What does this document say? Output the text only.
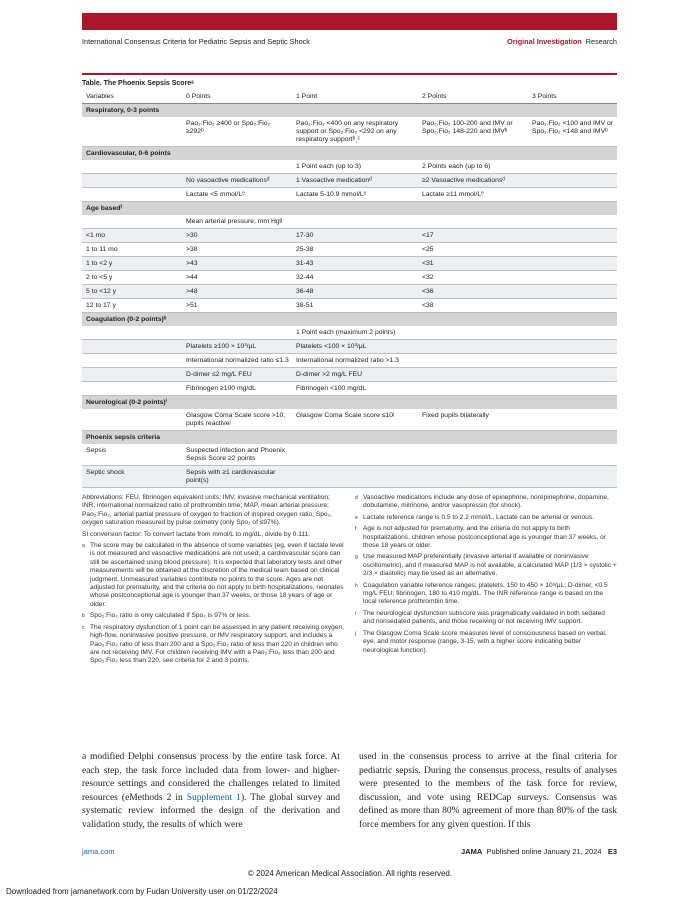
International Consensus Criteria for Pediatric Sepsis and Septic Shock	Original Investigation Research
Table. The Phoenix Sepsis Scoreᵃ
Variables	0 Points	1 Point	2 Points	3 Points
Respiratory, 0-3 points				
	Pao₂:Fio₂ ≥400 or Spo₂:Fio₂ ≥292ᵇ	Pao₂:Fio₂ <400 on any respiratory support or Spo₂:Fio₂ <292 on any respiratory supportᵇˎᶜ	Pao₂:Fio₂ 100-200 and IMV or Spo₂:Fio₂ 148-220 and IMVᵇ	Pao₂:Fio₂ <100 and IMV or Spo₂:Fio₂ <148 and IMVᵇ
Cardiovascular, 0-6 points				
		1 Point each (up to 3)	2 Points each (up to 6)	
	No vasoactive medicationsᵈ	1 Vasoactive medicationᵈ	≥2 Vasoactive medicationsᵈ	
	Lactate <5 mmol/Lᵉ	Lactate 5-10.9 mmol/Lᵉ	Lactate ≥11 mmol/Lᵉ	
Age basedᶠ				
	Mean arterial pressure, mm Hgᵍ			
<1 mo	>30	17-30	<17	
1 to 11 mo	>38	25-38	<25	
1 to <2 y	>43	31-43	<31	
2 to <5 y	>44	32-44	<32	
5 to <12 y	>48	36-48	<36	
12 to 17 y	>51	38-51	<38	
Coagulation (0-2 points)ʰ				
		1 Point each (maximum 2 points)		
	Platelets ≥100 × 10³/μL	Platelets <100 × 10³/μL		
	International normalized ratio ≤1.3	International normalized ratio >1.3		
	D-dimer ≤2 mg/L FEU	D-dimer >2 mg/L FEU		
	Fibrinogen ≥100 mg/dL	Fibrinogen <100 mg/dL		
Neurological (0-2 points)ⁱ				
	Glasgow Coma Scale score >10; pupils reactiveʲ	Glasgow Coma Scale score ≤10ʲ	Fixed pupils bilaterally	
Phoenix sepsis criteria				
Sepsis	Suspected infection and Phoenix Sepsis Score ≥2 points			
Septic shock	Sepsis with ≥1 cardiovascular point(s)			

Abbreviations: FEU, fibrinogen equivalent units; IMV, invasive mechanical ventilation; INR, international normalized ratio of prothrombin time; MAP, mean arterial pressure; Pao₂:Fio₂, arterial partial pressure of oxygen to fraction of inspired oxygen ratio; Spo₂, oxygen saturation measured by pulse oximetry (only Spo₂ of ≤97%).

SI conversion factor: To convert lactate from mmol/L to mg/dL, divide by 0.111.

a The score may be calculated in the absence of some variables (eg, even if lactate level is not measured and vasoactive medications are not used, a cardiovascular score can still be ascertained using blood pressure). It is expected that laboratory tests and other measurements will be obtained at the discretion of the medical team based on clinical judgment. Unmeasured variables contribute no points to the score. Ages are not adjusted for prematurity, and the criteria do not apply to birth hospitalizations, neonates whose postconceptional age is younger than 37 weeks, or those 18 years of age or older.
b Spo₂:Fio₂ ratio is only calculated if Spo₂ is 97% or less.
c The respiratory dysfunction of 1 point can be assessed in any patient receiving oxygen, high-flow, noninvasive positive pressure, or IMV respiratory support, and includes a Pao₂:Fio₂ ratio of less than 200 and a Spo₂:Fio₂ ratio of less than 220 in children who are not receiving IMV. For children receiving IMV with a Pao₂:Fio₂ less than 200 and Spo₂:Fio₂ less than 220, see criteria for 2 and 3 points.
d Vasoactive medications include any dose of epinephrine, norepinephrine, dopamine, dobutamine, milrinone, and/or vasopressin (for shock).
e Lactate reference range is 0.5 to 2.2 mmol/L. Lactate can be arterial or venous.
f	Age is not adjusted for prematurity, and the criteria do not apply to birth hospitalizations, children whose postconceptional age is younger than 37 weeks, or those 18 years or older.
g Use measured MAP preferentially (invasive arterial if available or noninvasive oscillometric), and if measured MAP is not available, a calculated MAP (1/3 × systolic + 2/3 × diastolic) may be used as an alternative.
h Coagulation variable reference ranges: platelets, 150 to 450 × 10³/μL; D-dimer, <0.5 mg/L FEU; fibrinogen, 180 to 410 mg/dL. The INR reference range is based on the local reference prothrombin time.
i	The neurological dysfunction subscore was pragmatically validated in both sedated and nonsedated patients, and those receiving or not receiving IMV support.
j	The Glasgow Coma Scale score measures level of consciousness based on verbal, eye, and motor response (range, 3-15, with a higher score indicating better neurological function).
a modified Delphi consensus process by the entire task force. At each step, the task force included data from lower- and higher-resource settings and considered the challenges related to limited resources (eMethods 2 in Supplement 1). The global survey and systematic review informed the design of the derivation and validation study, the results of which were
used in the consensus process to arrive at the final criteria for pediatric sepsis. During the consensus process, results of analyses were presented to the members of the task force for review, discussion, and vote using REDCap surveys. Consensus was defined as more than 80% agreement of more than 80% of the task force members for any given question. If this
jama.com	JAMA Published online January 21, 2024 E3
© 2024 American Medical Association. All rights reserved.
Downloaded from jamanetwork.com by Fudan University user on 01/22/2024
